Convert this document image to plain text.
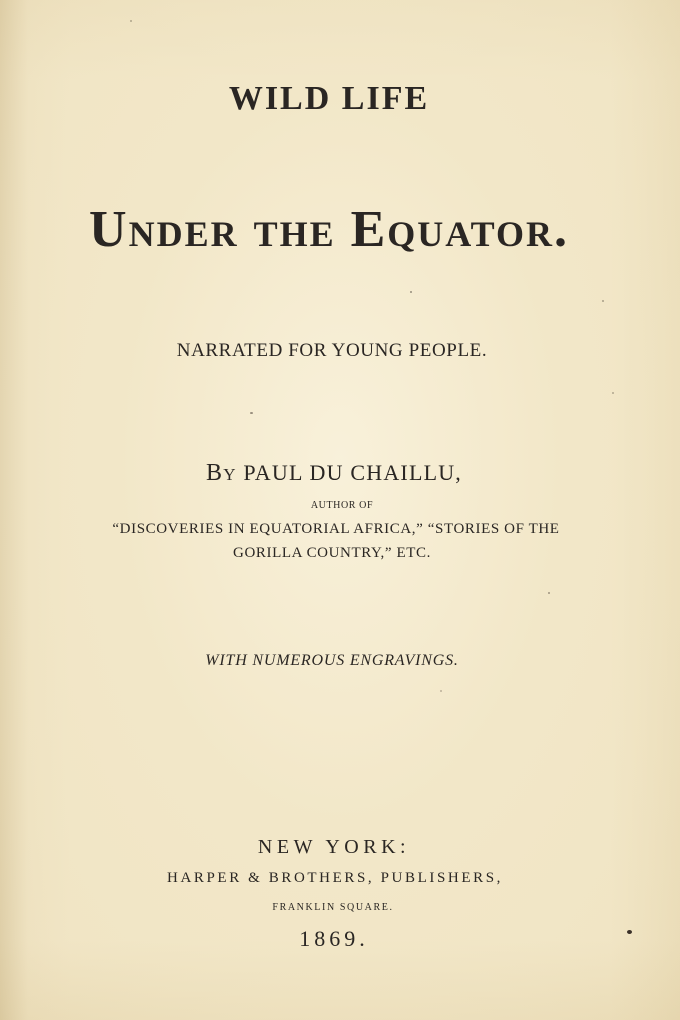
WILD LIFE
Under the Equator.
NARRATED FOR YOUNG PEOPLE.
By PAUL DU CHAILLU,
AUTHOR OF
“DISCOVERIES IN EQUATORIAL AFRICA,” “STORIES OF THE
GORILLA COUNTRY,” ETC.
WITH NUMEROUS ENGRAVINGS.
NEW YORK:
HARPER & BROTHERS, PUBLISHERS,
FRANKLIN SQUARE.
1869.
